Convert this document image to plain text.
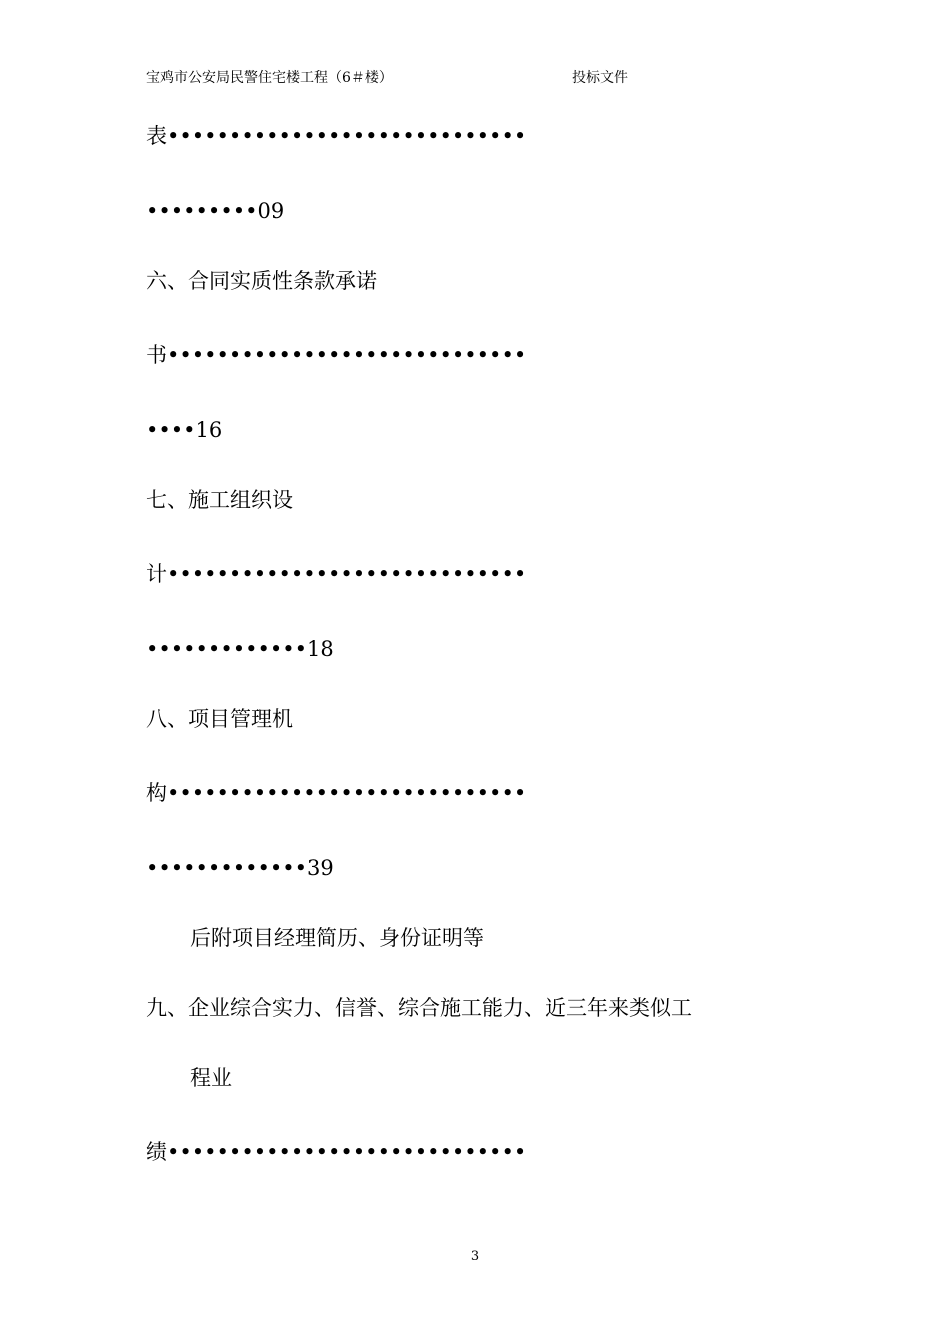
宝鸡市公安局民警住宅楼工程（6＃楼）	投标文件
表•••••••••••••••••••••••••••••
•••••••••09
六、合同实质性条款承诺
书•••••••••••••••••••••••••••••
••••16
七、施工组织设
计•••••••••••••••••••••••••••••
•••••••••••••18
八、项目管理机
构•••••••••••••••••••••••••••••
•••••••••••••39
后附项目经理简历、身份证明等
九、企业综合实力、信誉、综合施工能力、近三年来类似工
程业
绩•••••••••••••••••••••••••••••
3
